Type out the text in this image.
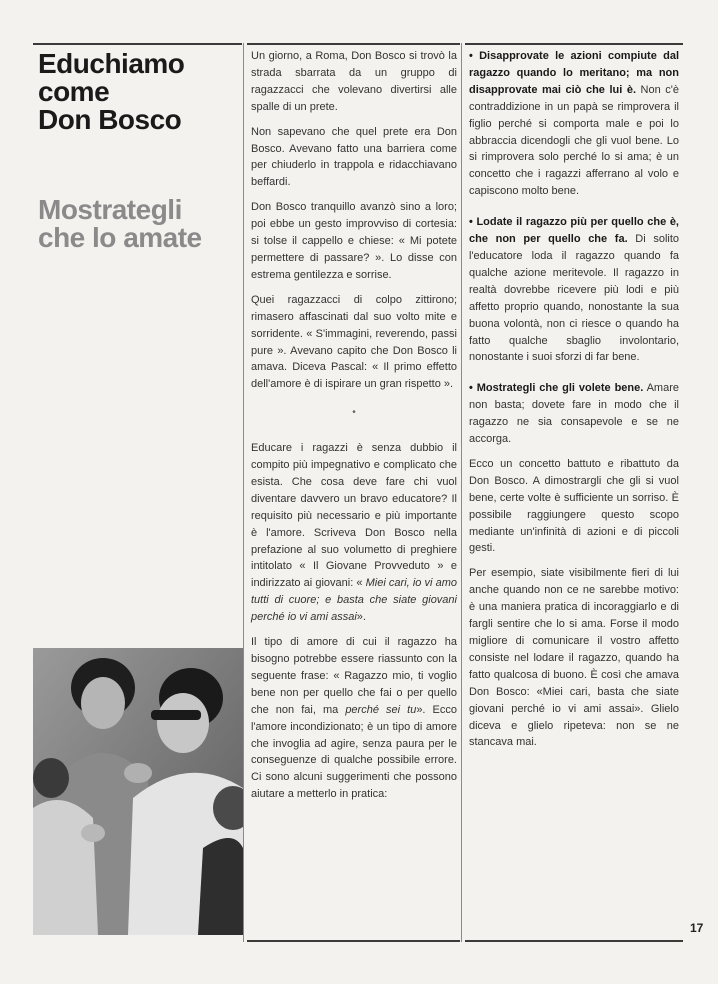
Educhiamo
come
Don Bosco
Mostrategli
che lo amate

Un giorno, a Roma, Don Bosco si trovò la strada sbarrata da un gruppo di ragazzacci che volevano divertirsi alle spalle di un prete.

Non sapevano che quel prete era Don Bosco. Avevano fatto una barriera come per chiuderlo in trappola e ridacchiavano beffardi.

Don Bosco tranquillo avanzò sino a loro; poi ebbe un gesto improvviso di cortesia: si tolse il cappello e chiese: « Mi potete permettere di passare? ». Lo disse con estrema gentilezza e sorrise.

Quei ragazzacci di colpo zittirono; rimasero affascinati dal suo volto mite e sorridente. « S'immagini, reverendo, passi pure ». Avevano capito che Don Bosco li amava. Diceva Pascal: « Il primo effetto dell'amore è di ispirare un gran rispetto ».

•

Educare i ragazzi è senza dubbio il compito più impegnativo e complicato che esista. Che cosa deve fare chi vuol diventare davvero un bravo educatore? Il requisito più necessario e più importante è l'amore. Scriveva Don Bosco nella prefazione al suo volumetto di preghiere intitolato « Il Giovane Provveduto » e indirizzato ai giovani: « Miei cari, io vi amo tutti di cuore; e basta che siate giovani perché io vi ami assai».

Il tipo di amore di cui il ragazzo ha bisogno potrebbe essere riassunto con la seguente frase: « Ragazzo mio, ti voglio bene non per quello che fai o per quello che non fai, ma perché sei tu». Ecco l'amore incondizionato; è un tipo di amore che invoglia ad agire, senza paura per le conseguenze di qualche possibile errore. Ci sono alcuni suggerimenti che possono aiutare a metterlo in pratica:

• Disapprovate le azioni compiute dal ragazzo quando lo meritano; ma non disapprovate mai ciò che lui è. Non c'è contraddizione in un papà se rimprovera il figlio perché si comporta male e poi lo abbraccia dicendogli che gli vuol bene. Lo si rimprovera solo perché lo si ama; è un concetto che i ragazzi afferrano al volo e capiscono molto bene.

• Lodate il ragazzo più per quello che è, che non per quello che fa. Di solito l'educatore loda il ragazzo quando fa qualche azione meritevole. Il ragazzo in realtà dovrebbe ricevere più lodi e più affetto proprio quando, nonostante la sua buona volontà, non ci riesce o quando ha fatto qualche sbaglio involontario, nonostante i suoi sforzi di far bene.

• Mostrategli che gli volete bene. Amare non basta; dovete fare in modo che il ragazzo ne sia consapevole e se ne accorga.

Ecco un concetto battuto e ribattuto da Don Bosco. A dimostrargli che gli si vuol bene, certe volte è sufficiente un sorriso. È possibile raggiungere questo scopo mediante un'infinità di azioni e di piccoli gesti.

Per esempio, siate visibilmente fieri di lui anche quando non ce ne sarebbe motivo: è una maniera pratica di incoraggiarlo e di fargli sentire che lo si ama. Forse il modo migliore di comunicare il vostro affetto consiste nel lodare il ragazzo, quando ha fatto qualcosa di buono. È così che amava Don Bosco: «Miei cari, basta che siate giovani perché io vi ami assai». Glielo diceva e glielo ripeteva: non se ne stancava mai.

17
